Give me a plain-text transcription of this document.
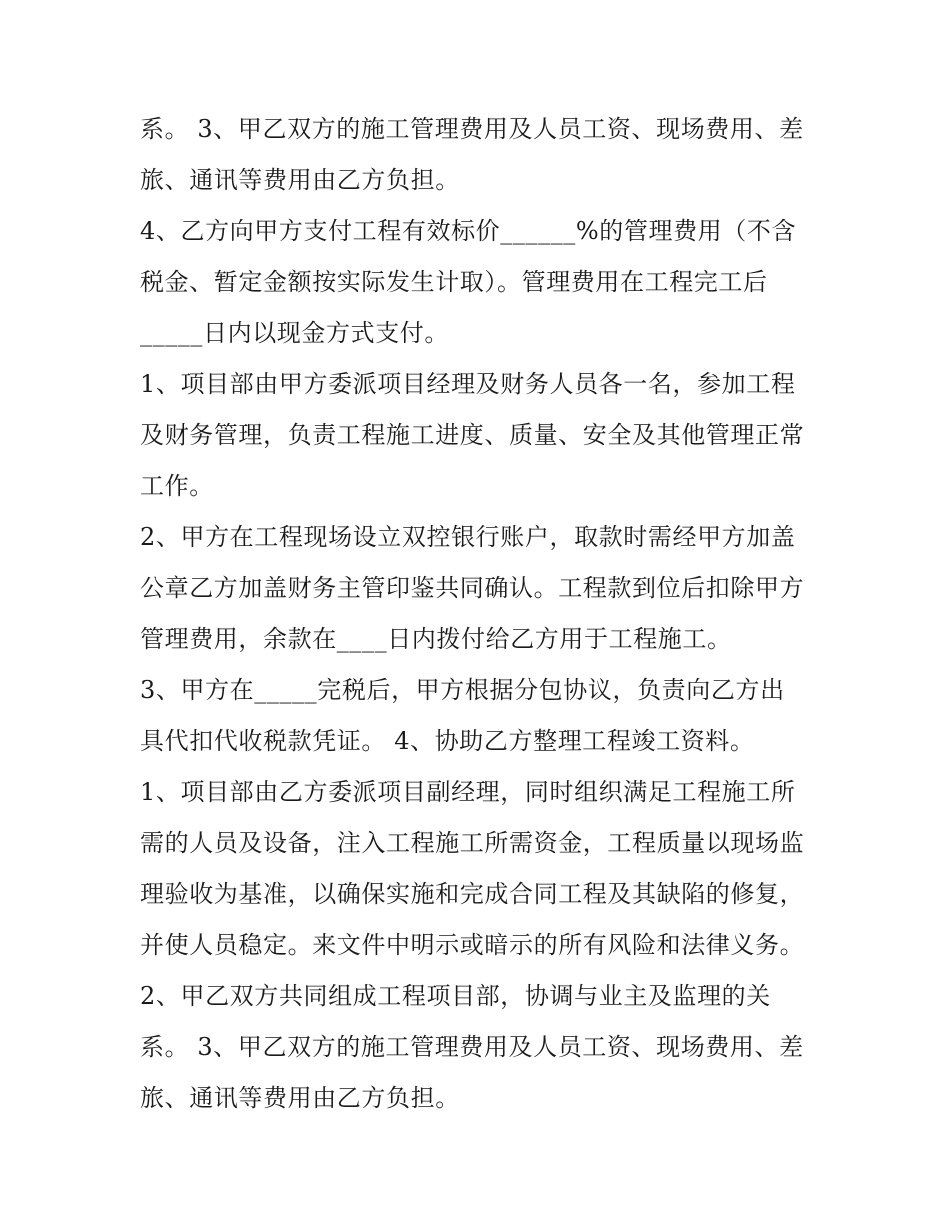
系。 3、甲乙双方的施工管理费用及人员工资、现场费用、差
旅、通讯等费用由乙方负担。
4、乙方向甲方支付工程有效标价______%的管理费用（不含
税金、暂定金额按实际发生计取）。管理费用在工程完工后
_____日内以现金方式支付。
1、项目部由甲方委派项目经理及财务人员各一名，参加工程
及财务管理，负责工程施工进度、质量、安全及其他管理正常
工作。
2、甲方在工程现场设立双控银行账户，取款时需经甲方加盖
公章乙方加盖财务主管印鉴共同确认。工程款到位后扣除甲方
管理费用，余款在____日内拨付给乙方用于工程施工。
3、甲方在_____完税后，甲方根据分包协议，负责向乙方出
具代扣代收税款凭证。 4、协助乙方整理工程竣工资料。
1、项目部由乙方委派项目副经理，同时组织满足工程施工所
需的人员及设备，注入工程施工所需资金，工程质量以现场监
理验收为基准，以确保实施和完成合同工程及其缺陷的修复，
并使人员稳定。来文件中明示或暗示的所有风险和法律义务。
2、甲乙双方共同组成工程项目部，协调与业主及监理的关
系。 3、甲乙双方的施工管理费用及人员工资、现场费用、差
旅、通讯等费用由乙方负担。
